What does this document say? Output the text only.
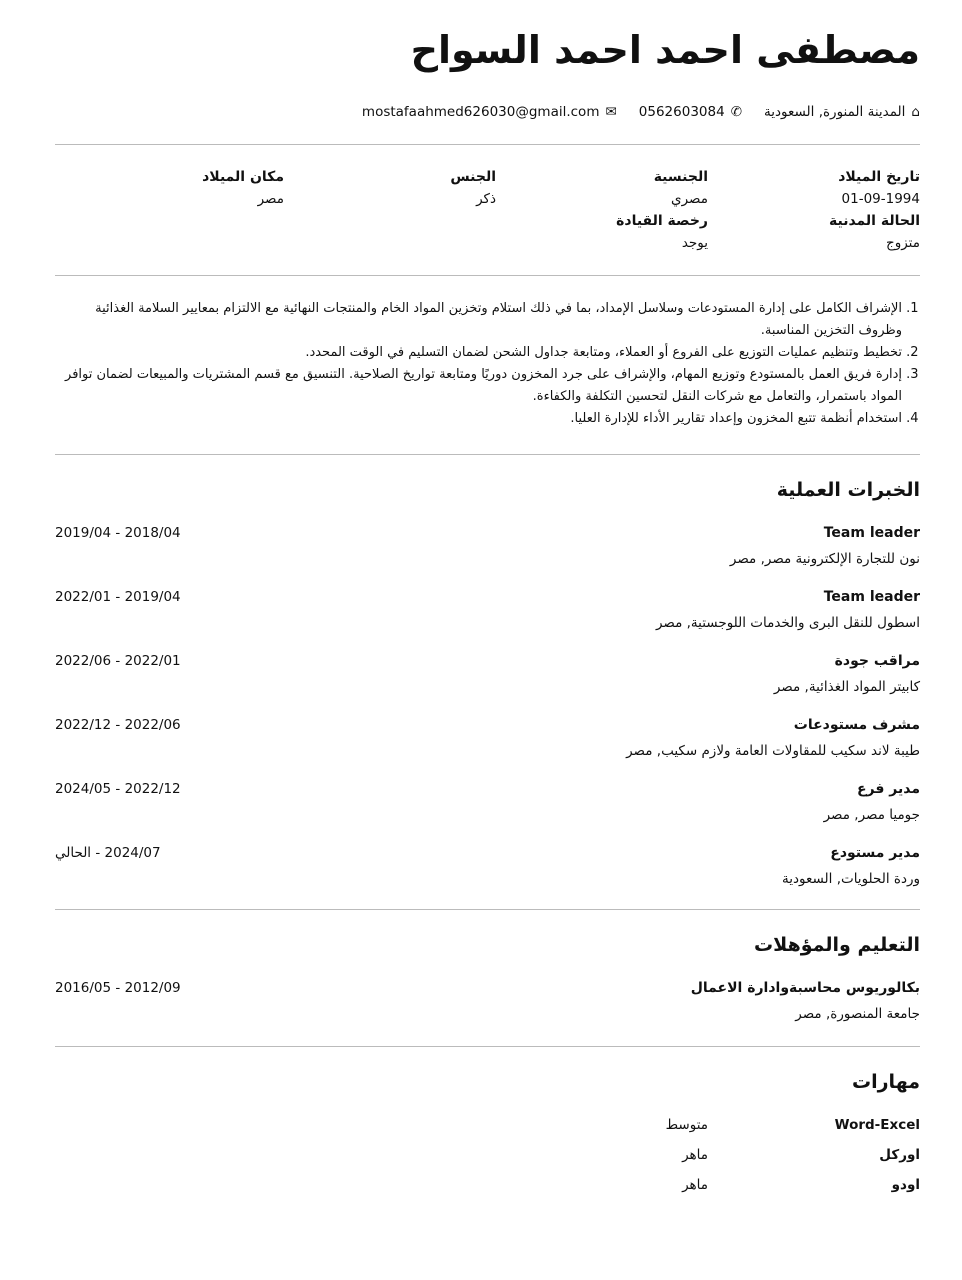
مصطفى احمد احمد السواح
⌂
المدينة المنورة, السعودية
✆
0562603084
✉
mostafaahmed626030@gmail.com
تاريخ الميلاد
01-09-1994
الجنسية
مصري
الجنس
ذكر
مكان الميلاد
مصر
الحالة المدنية
متزوج
رخصة القيادة
يوجد
1. الإشراف الكامل على إدارة المستودعات وسلاسل الإمداد، بما في ذلك استلام وتخزين المواد الخام والمنتجات النهائية مع الالتزام بمعايير السلامة الغذائية وظروف التخزين المناسبة.
2. تخطيط وتنظيم عمليات التوزيع على الفروع أو العملاء، ومتابعة جداول الشحن لضمان التسليم في الوقت المحدد.
3. إدارة فريق العمل بالمستودع وتوزيع المهام، والإشراف على جرد المخزون دوريًا ومتابعة تواريخ الصلاحية. التنسيق مع قسم المشتريات والمبيعات لضمان توافر المواد باستمرار، والتعامل مع شركات النقل لتحسين التكلفة والكفاءة.
4. استخدام أنظمة تتبع المخزون وإعداد تقارير الأداء للإدارة العليا.
الخبرات العملية
Team leader
2018/04 - 2019/04
نون للتجارة الإلكترونية مصر, مصر
Team leader
2019/04 - 2022/01
اسطول للنقل البرى والخدمات اللوجستية, مصر
مراقب جودة
2022/01 - 2022/06
كابيتر المواد الغذائية, مصر
مشرف مستودعات
2022/06 - 2022/12
طيبة لاند سكيب للمقاولات العامة ولازم سكيب, مصر
مدير فرع
2022/12 - 2024/05
جوميا مصر, مصر
مدير مستودع
2024/07 - الحالي
وردة الحلويات, السعودية
التعليم والمؤهلات
بكالوريوس محاسبةوادارة الاعمال
2012/09 - 2016/05
جامعة المنصورة, مصر
مهارات
Word-Excel
متوسط
اوركل
ماهر
اودو
ماهر
